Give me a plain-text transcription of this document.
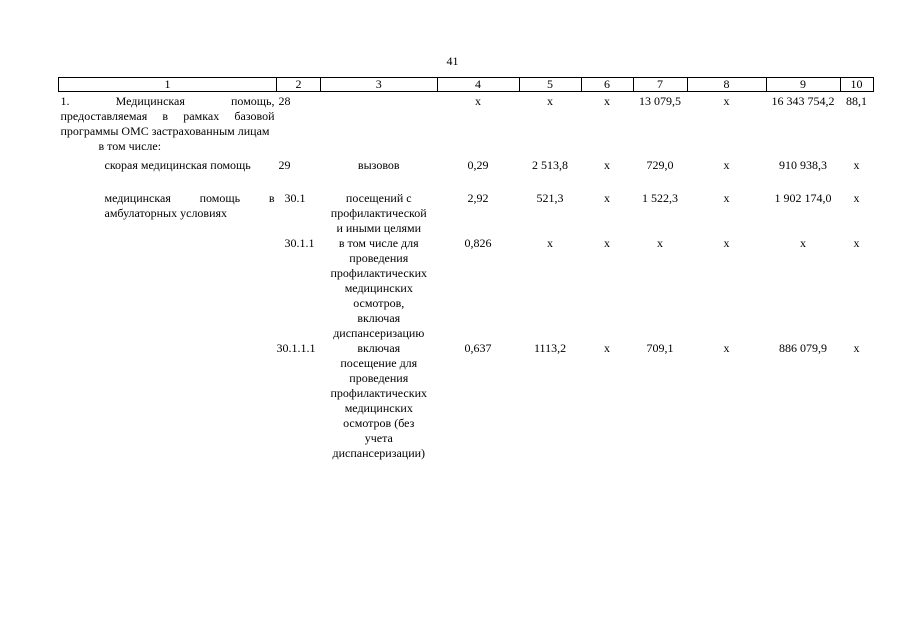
41
1	2	3	4	5	6	7	8	9	10
1. Медицинская помощь, предоставляемая в рамках базовой программы ОМС застрахованным лицам	28		х	х	х	13 079,5	х	16 343 754,2	88,1
в том числе:									
скорая медицинская помощь	29	вызовов	0,29	2 513,8	х	729,0	х	910 938,3	х
медицинская помощь в амбулаторных условиях	30.1	посещений с профилактической и иными целями	2,92	521,3	х	1 522,3	х	1 902 174,0	х
	30.1.1	в том числе для проведения профилактических медицинских осмотров, включая диспансеризацию	0,826	х	х	х	х	х	х
	30.1.1.1	включая посещение для проведения профилактических медицинских осмотров (без учета диспансеризации)	0,637	1113,2	х	709,1	х	886 079,9	х
